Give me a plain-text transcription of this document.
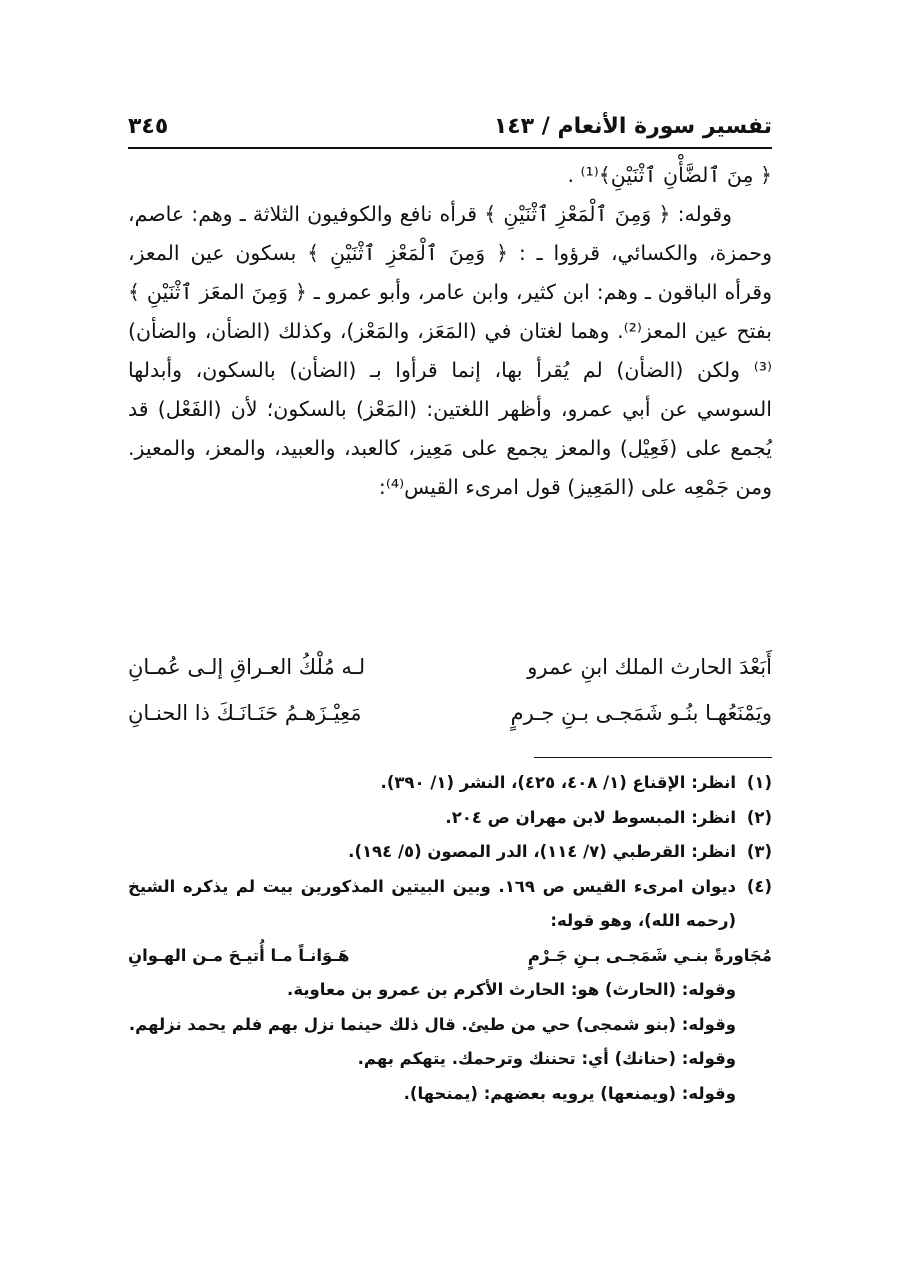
تفسير سورة الأنعام / ١٤٣
٣٤٥

﴿ مِنَ ٱلضَّأْنِ ٱثْنَيْنِ﴾⁽¹⁾ .

وقوله: ﴿ وَمِنَ ٱلْمَعْزِ ٱثْنَيْنِ ﴾ قرأه نافع والكوفيون الثلاثة ـ وهم: عاصم، وحمزة، والكسائي، قرؤوا ـ : ﴿ وَمِنَ ٱلْمَعْزِ ٱثْنَيْنِ ﴾ بسكون عين المعز، وقرأه الباقون ـ وهم: ابن كثير، وابن عامر، وأبو عمرو ـ ﴿ وَمِنَ المعَز ٱثْنَيْنِ ﴾ بفتح عين المعز⁽²⁾. وهما لغتان في (المَعَز، والمَعْز)، وكذلك (الضأن، والضأن)⁽³⁾ ولكن (الضأن) لم يُقرأ بها، إنما قرأوا بـ (الضأن) بالسكون، وأبدلها السوسي عن أبي عمرو، وأظهر اللغتين: (المَعْز) بالسكون؛ لأن (الفَعْل) قد يُجمع على (فَعِيْل) والمعز يجمع على مَعِيز، كالعبد، والعبيد، والمعز، والمعيز. ومن جَمْعِه على (المَعِيز) قول امرىء القيس⁽⁴⁾:

أَبَعْدَ الحارث الملك ابنِ عمرو
لـه مُلْكُ العـراقِ إلـى عُمـانِ
ويَمْنَعُهـا بنُـو شَمَجـى بـنِ جـرمٍ
مَعِيْـزَهـمُ حَنَـانَـكَ ذا الحنـانِ
(١)
انظر: الإقناع (١/ ٤٠٨، ٤٢٥)، النشر (١/ ٣٩٠).
(٢)
انظر: المبسوط لابن مهران ص ٢٠٤.
(٣)
انظر: القرطبي (٧/ ١١٤)، الدر المصون (٥/ ١٩٤).
(٤)
ديوان امرىء القيس ص ١٦٩. وبين البيتين المذكورين بيت لم يذكره الشيخ (رحمه الله)، وهو قوله:
مُجَاورةً بنـي شَمَجـى بـنِ جَـرْمٍ
هَـوَانـاً مـا أُتيـحَ مـن الهـوانِ
وقوله: (الحارث) هو: الحارث الأكرم بن عمرو بن معاوية.
وقوله: (بنو شمجى) حي من طيئ. قال ذلك حينما نزل بهم فلم يحمد نزلهم.
وقوله: (حنانك) أي: تحننك وترحمك. يتهكم بهم.
وقوله: (ويمنعها) يرويه بعضهم: (يمنحها).
